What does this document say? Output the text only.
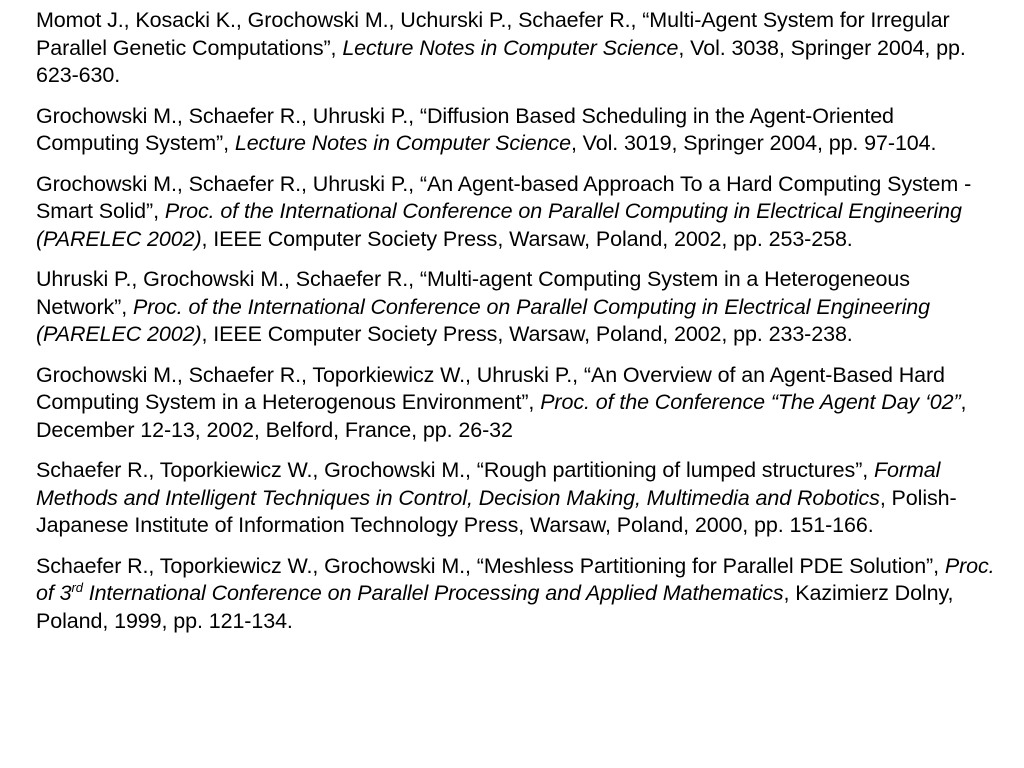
Momot J., Kosacki K., Grochowski M., Uchurski P., Schaefer R., “Multi-Agent System for Irregular Parallel Genetic Computations”, Lecture Notes in Computer Science, Vol. 3038, Springer 2004, pp. 623-630.

Grochowski M., Schaefer R., Uhruski P., “Diffusion Based Scheduling in the Agent-Oriented Computing System”, Lecture Notes in Computer Science, Vol. 3019, Springer 2004, pp. 97-104.

Grochowski M., Schaefer R., Uhruski P., “An Agent-based Approach To a Hard Computing System - Smart Solid”, Proc. of the International Conference on Parallel Computing in Electrical Engineering (PARELEC 2002), IEEE Computer Society Press, Warsaw, Poland, 2002, pp. 253-258.

Uhruski P., Grochowski M., Schaefer R., “Multi-agent Computing System in a Heterogeneous Network”, Proc. of the International Conference on Parallel Computing in Electrical Engineering (PARELEC 2002), IEEE Computer Society Press, Warsaw, Poland, 2002, pp. 233-238.

Grochowski M., Schaefer R., Toporkiewicz W., Uhruski P., “An Overview of an Agent-Based Hard Computing System in a Heterogenous Environment”, Proc. of the Conference “The Agent Day ‘02”, December 12-13, 2002, Belford, France, pp. 26-32

Schaefer R., Toporkiewicz W., Grochowski M., “Rough partitioning of lumped structures”, Formal Methods and Intelligent Techniques in Control, Decision Making, Multimedia and Robotics, Polish-Japanese Institute of Information Technology Press, Warsaw, Poland, 2000, pp. 151-166.

Schaefer R., Toporkiewicz W., Grochowski M., “Meshless Partitioning for Parallel PDE Solution”, Proc. of 3rd International Conference on Parallel Processing and Applied Mathematics, Kazimierz Dolny, Poland, 1999, pp. 121-134.
